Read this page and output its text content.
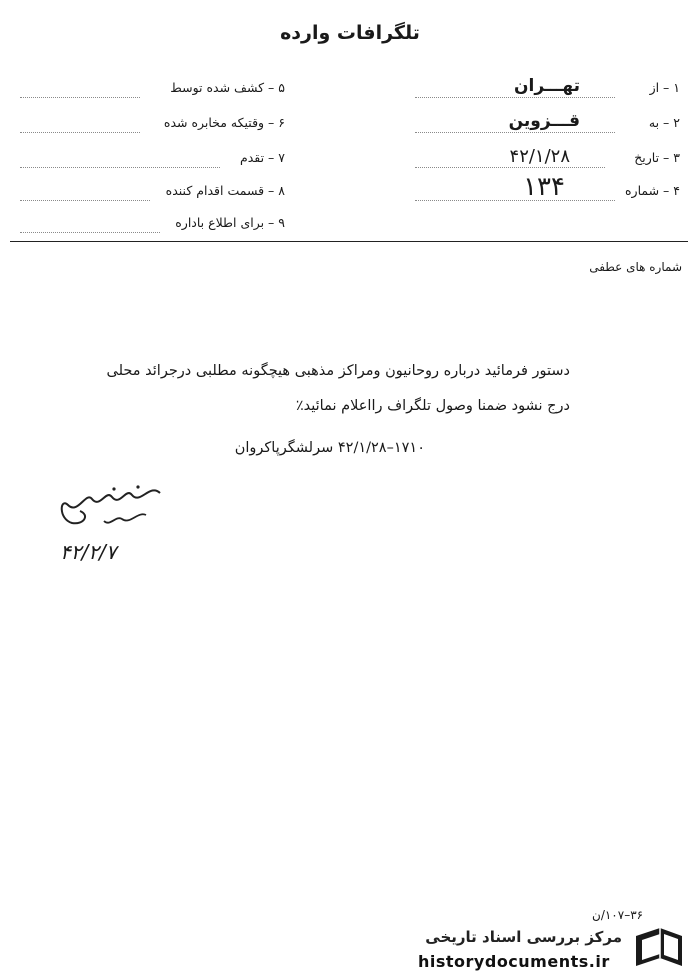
تلگرافات وارده
۱ – از
تهـــران
۲ – به
قـــزوین
۳ – تاریخ
۴۲/۱/۲۸
۴ – شماره
۱۳۴
۵ – کشف شده توسط
۶ – وقتیکه مخابره شده
۷ – تقدم
۸ – قسمت اقدام کننده
۹ – برای اطلاع باداره
شماره های عطفی
دستور فرمائید درباره روحانیون ومراکز مذهبی هیچگونه مطلبی درجرائد محلی
درج نشود ضمنا وصول تلگراف رااعلام نمائید٪
۱۷۱۰–۴۲/۱/۲۸ سرلشگرپاکروان
۴۲/۲/۷
۳۶–۱۰۷/ن
مرکز بررسی اسناد تاریخی
historydocuments.ir
